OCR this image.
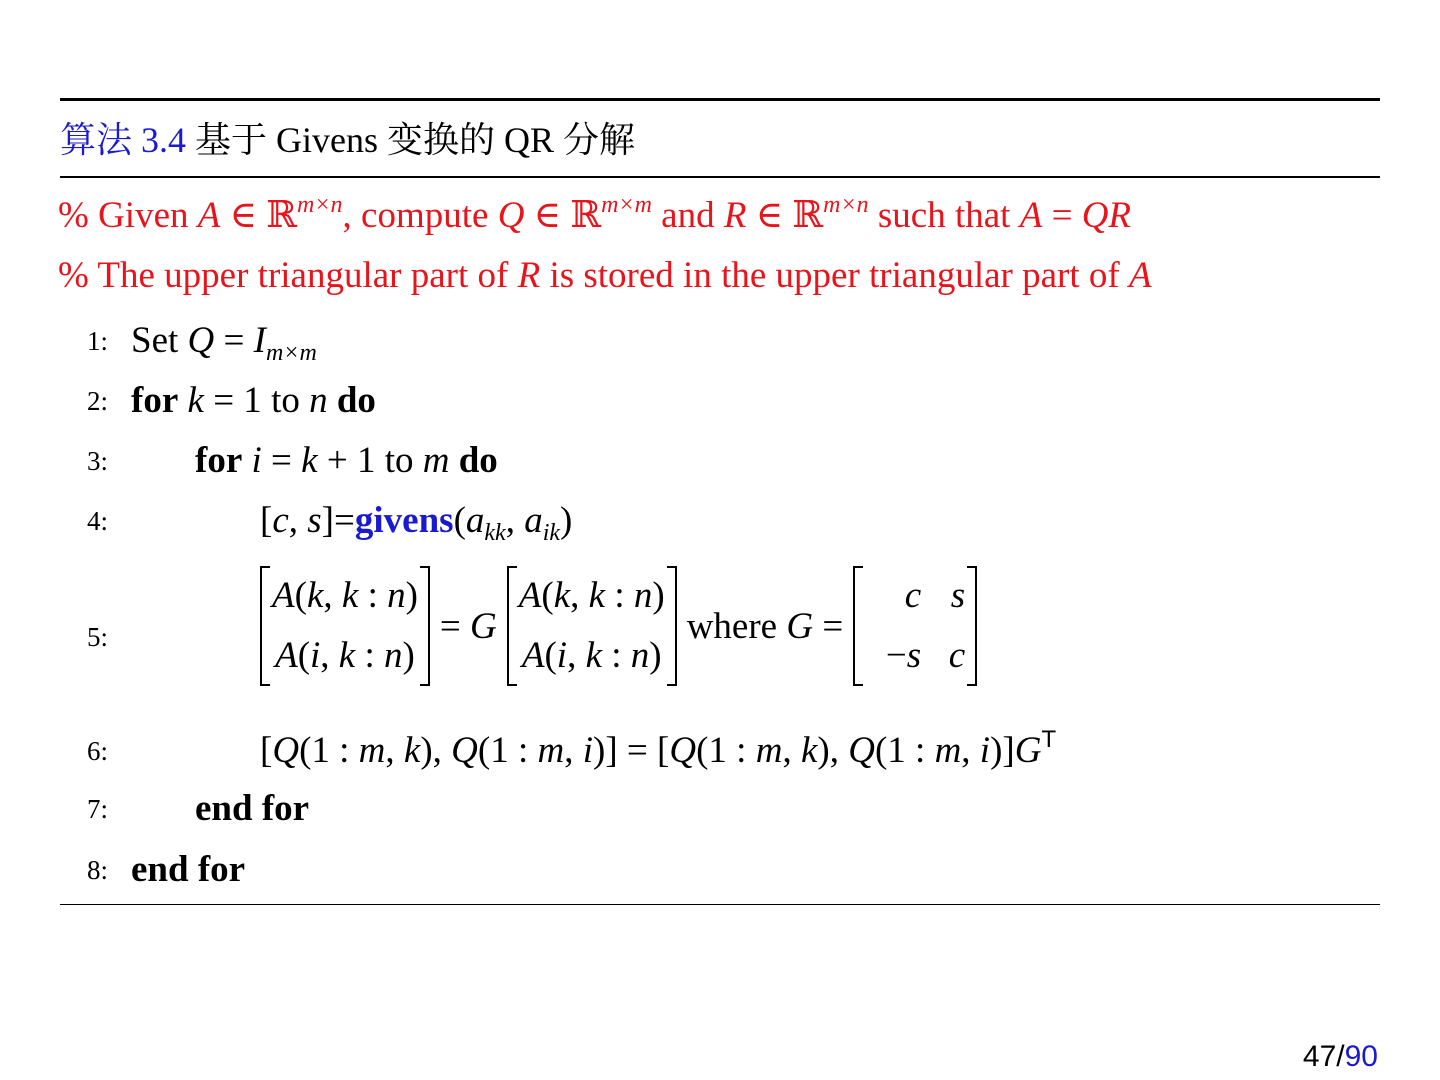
算法 3.4 基于 Givens 变换的 QR 分解
% Given A ∈ ℝ$^{m\times n}$, compute Q ∈ ℝ$^{m\times m}$ and R ∈ ℝ$^{m\times n}$ such that A = QR
% The upper triangular part of R is stored in the upper triangular part of A
1: Set $Q = I_{m\times m}$
2: for k = 1 to n do
3: for i = k + 1 to m do
4:	[c, $s]=givens(a_{kk}$, $a_{ik}$)
5:
A(k, k : n)
A(i, k : n)
= G
A(k, k : n)
A(i, k : n)
where G =
c s
−s c
6:	[Q(1 : m, k), Q(1 : m, i)] = [Q(1 : m, k), Q(1 : m, $i)]G^T$
7: end for
8: end for
47/90
